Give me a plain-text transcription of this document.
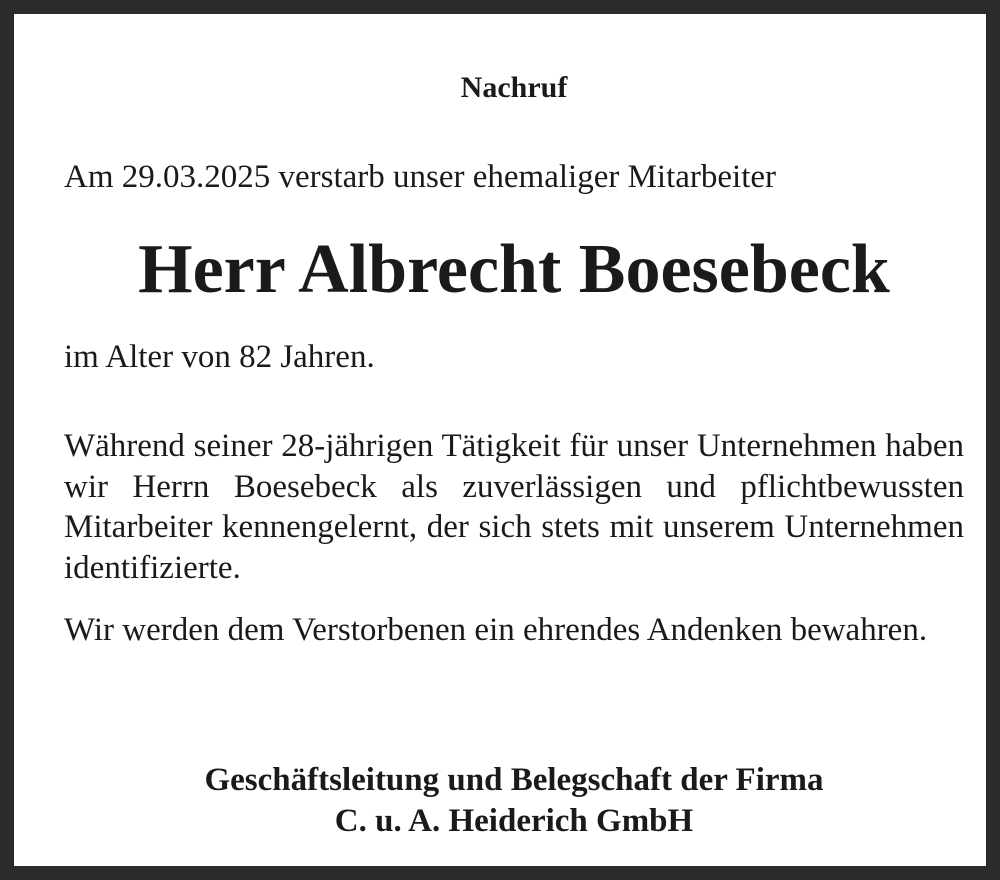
Nachruf

Am 29.03.2025 verstarb unser ehemaliger Mitarbeiter

Herr Albrecht Boesebeck

im Alter von 82 Jahren.

Während seiner 28-jährigen Tätigkeit für unser Unternehmen haben wir Herrn Boesebeck als zuverlässigen und pflichtbewussten Mitarbeiter kennengelernt, der sich stets mit unserem Unternehmen identifizierte.

Wir werden dem Verstorbenen ein ehrendes Andenken bewahren.

Geschäftsleitung und Belegschaft der Firma
C. u. A. Heiderich GmbH
